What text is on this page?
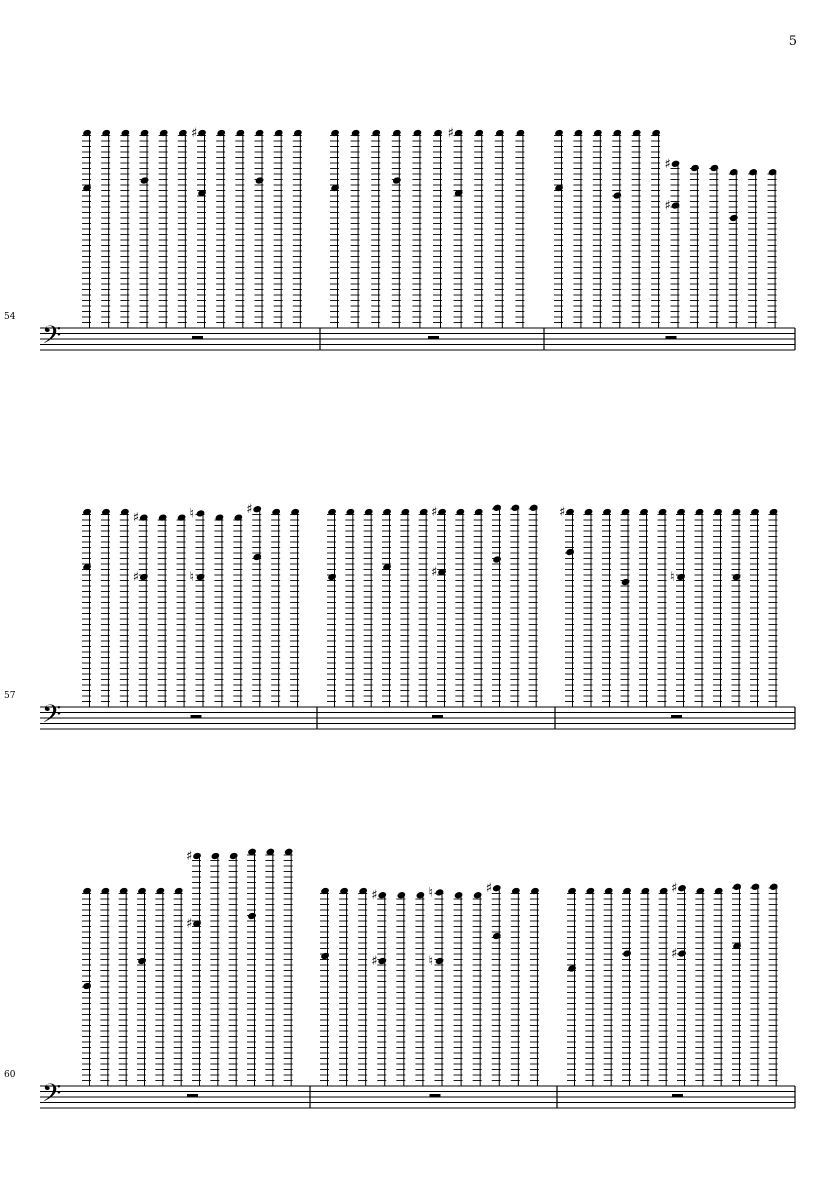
5
𝄢
54
♯	♯
♯
♯
𝄢
57
♯
♯
♮
♮
♯	♯
♯
♯
♮
𝄢
60
♯
♯
♯
♯
♮
♮
♯	♯
♯
